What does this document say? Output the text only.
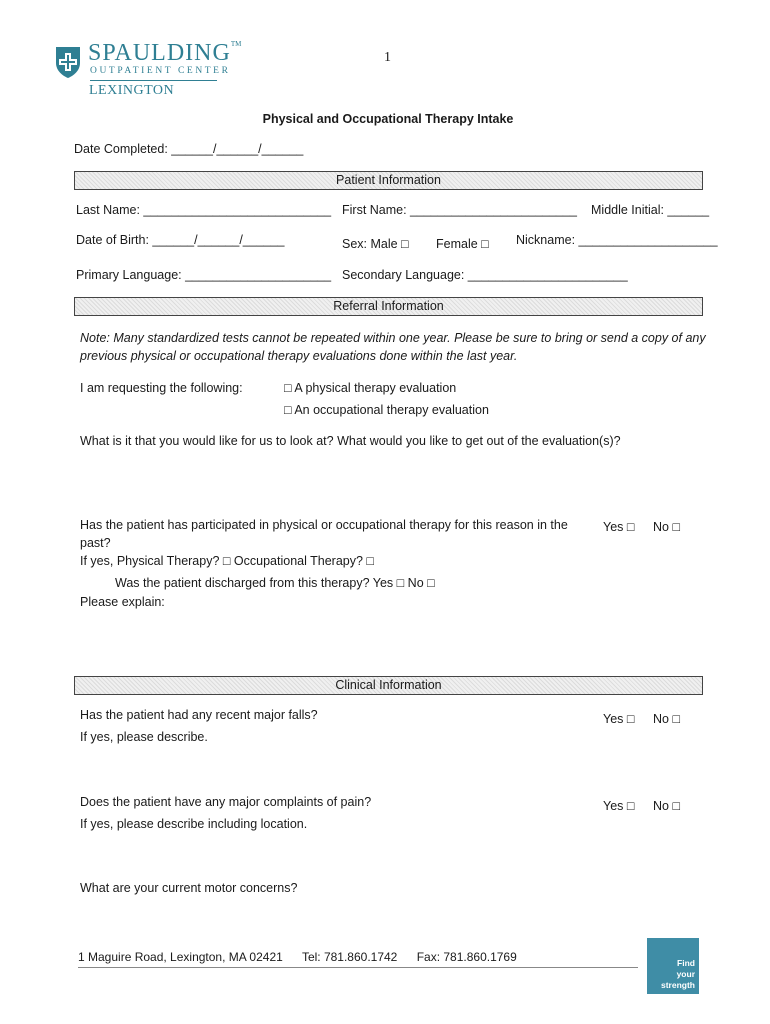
SPAULDING™
OUTPATIENT CENTER
LEXINGTON
1
Physical and Occupational Therapy Intake
Date Completed: ______/______/______
Patient Information
Last Name: ___________________________ First Name: ________________________ Middle Initial: ______
Date of Birth: ______/______/______	Sex: Male □ Female □ Nickname: ____________________
Primary Language: _____________________ Secondary Language: _______________________
Referral Information
Note: Many standardized tests cannot be repeated within one year. Please be sure to bring or send a copy of any previous physical or occupational therapy evaluations done within the last year.
I am requesting the following:	□ A physical therapy evaluation
□ An occupational therapy evaluation
What is it that you would like for us to look at? What would you like to get out of the evaluation(s)?
Has the patient has participated in physical or occupational therapy for this reason in the past?
Yes □ No □
If yes, Physical Therapy? □ Occupational Therapy? □
Was the patient discharged from this therapy? Yes □ No □
Please explain:
Clinical Information
Has the patient had any recent major falls?	Yes □ No □
If yes, please describe.
Does the patient have any major complaints of pain?	Yes □ No □
If yes, please describe including location.
What are your current motor concerns?
1 Maguire Road, Lexington, MA 02421 Tel: 781.860.1742 Fax: 781.860.1769	Find
your
strength
